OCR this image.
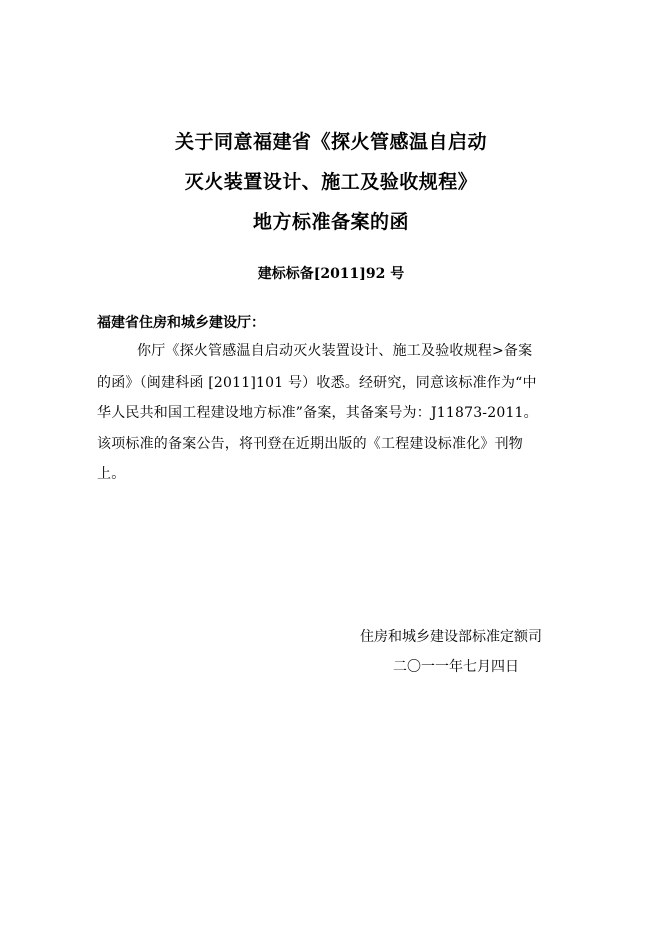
关于同意福建省《探火管感温自启动
灭火装置设计、施工及验收规程》
地方标准备案的函
建标标备[2011]92 号
福建省住房和城乡建设厅：
你厅《探火管感温自启动灭火装置设计、施工及验收规程>备案
的函》（闽建科函 [2011]101 号）收悉。经研究，同意该标准作为“中
华人民共和国工程建设地方标准”备案，其备案号为：J11873-2011。
该项标准的备案公告，将刊登在近期出版的《工程建设标准化》刊物
上。
住房和城乡建设部标准定额司
二〇一一年七月四日
